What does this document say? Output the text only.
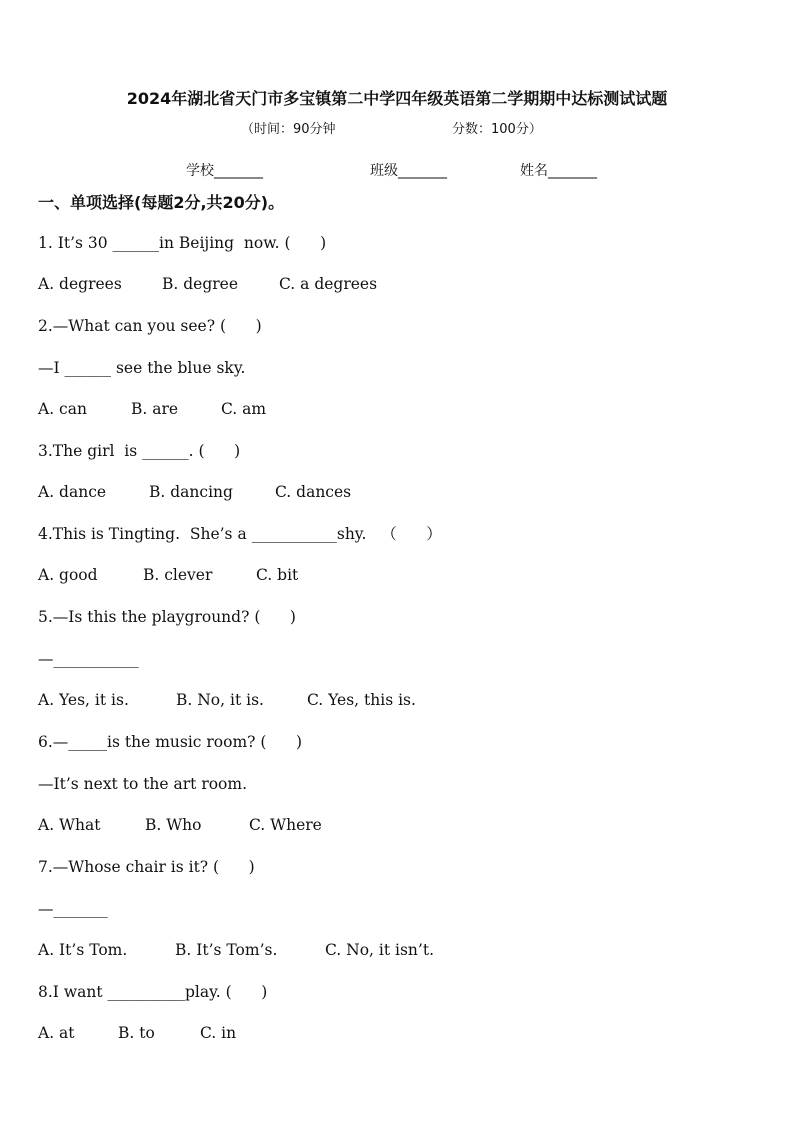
2024年湖北省天门市多宝镇第二中学四年级英语第二学期期中达标测试试题
（时间：90分钟	分数：100分）
学校_______	班级_______	姓名_______
一、单项选择(每题2分,共20分)。
1. It’s 30 ______in Beijing  now. (      )
A. degrees	B. degree	C. a degrees
2.—What can you see? (      )
—I ______ see the blue sky.
A. can	B. are	C. am
3.The girl  is ______. (      )
A. dance	B. dancing	C. dances
4.This is Tingting.  She’s a ___________shy.   （      ）
A. good	B. clever	C. bit
5.—Is this the playground? (      )
—___________
A. Yes, it is.	B. No, it is.	C. Yes, this is.
6.—_____is the music room? (      )
—It’s next to the art room.
A. What	B. Who	C. Where
7.—Whose chair is it? (      )
—_______
A. It’s Tom.	B. It’s Tom’s.	C. No, it isn’t.
8.I want __________play. (      )
A. at	B. to	C. in
